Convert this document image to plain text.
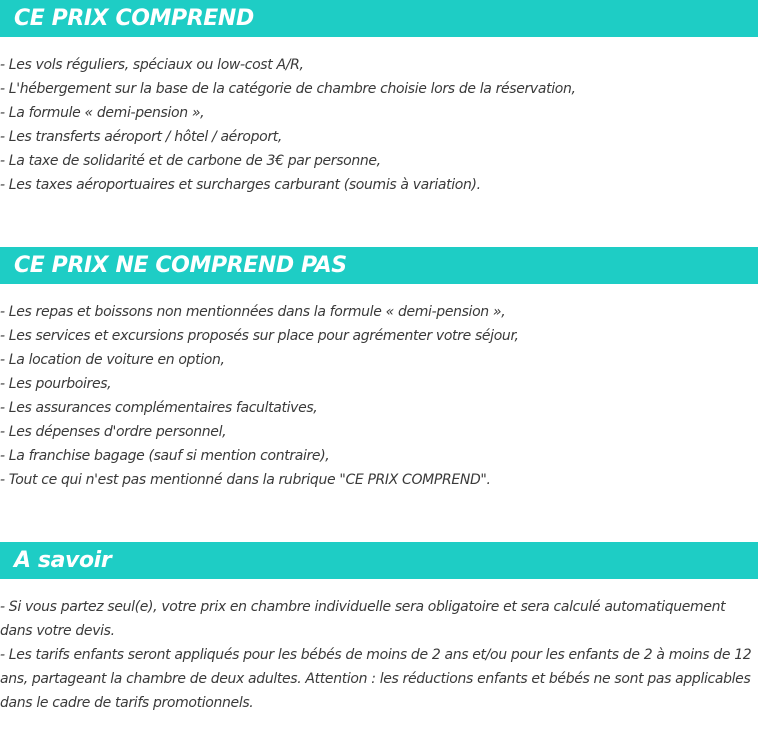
CE PRIX COMPREND
- Les vols réguliers, spéciaux ou low-cost A/R,
- L'hébergement sur la base de la catégorie de chambre choisie lors de la réservation,
- La formule « demi-pension »,
- Les transferts aéroport / hôtel / aéroport,
- La taxe de solidarité et de carbone de 3€ par personne,
- Les taxes aéroportuaires et surcharges carburant (soumis à variation).
CE PRIX NE COMPREND PAS
- Les repas et boissons non mentionnées dans la formule « demi-pension »,
- Les services et excursions proposés sur place pour agrémenter votre séjour,
- La location de voiture en option,
- Les pourboires,
- Les assurances complémentaires facultatives,
- Les dépenses d'ordre personnel,
- La franchise bagage (sauf si mention contraire),
- Tout ce qui n'est pas mentionné dans la rubrique "CE PRIX COMPREND".
A savoir

- Si vous partez seul(e), votre prix en chambre individuelle sera obligatoire et sera calculé automatiquement dans votre devis.

- Les tarifs enfants seront appliqués pour les bébés de moins de 2 ans et/ou pour les enfants de 2 à moins de 12 ans, partageant la chambre de deux adultes. Attention : les réductions enfants et bébés ne sont pas applicables dans le cadre de tarifs promotionnels.
